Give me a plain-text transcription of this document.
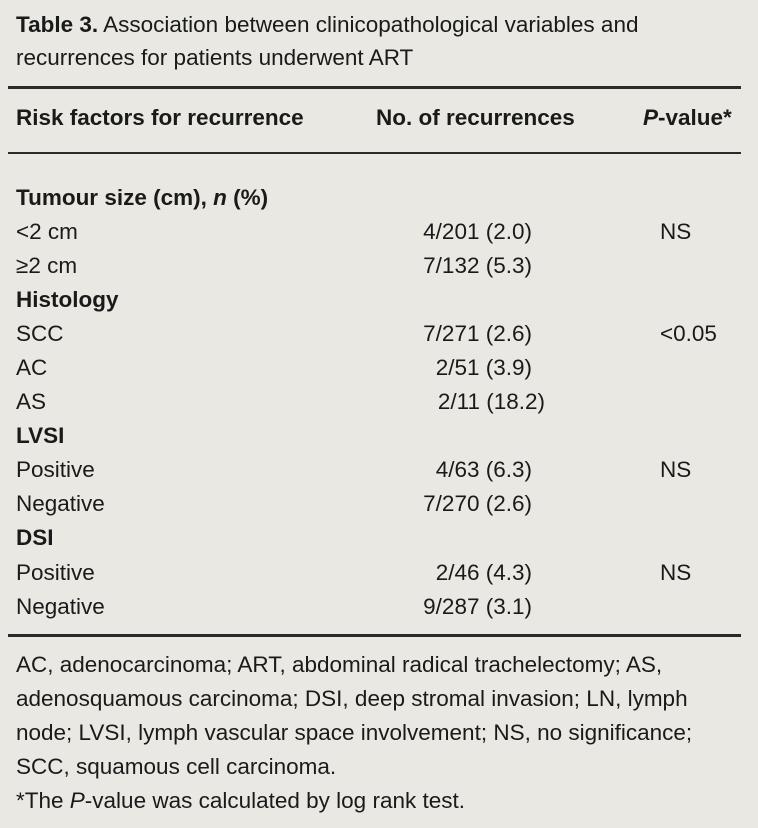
Table 3. Association between clinicopathological variables and recurrences for patients underwent ART
Risk factors for recurrence	No. of recurrences	P-value*
Tumour size (cm), n (%)
<2 cm	4/201 (2.0)	NS
≥2 cm	7/132 (5.3)
Histology
SCC	7/271 (2.6)	<0.05
AC	2/51 (3.9)
AS	2/11 (18.2)
LVSI
Positive	4/63 (6.3)	NS
Negative	7/270 (2.6)
DSI
Positive	2/46 (4.3)	NS
Negative	9/287 (3.1)

AC, adenocarcinoma; ART, abdominal radical trachelectomy; AS, adenosquamous carcinoma; DSI, deep stromal invasion; LN, lymph node; LVSI, lymph vascular space involvement; NS, no significance; SCC, squamous cell carcinoma.

*The P-value was calculated by log rank test.
